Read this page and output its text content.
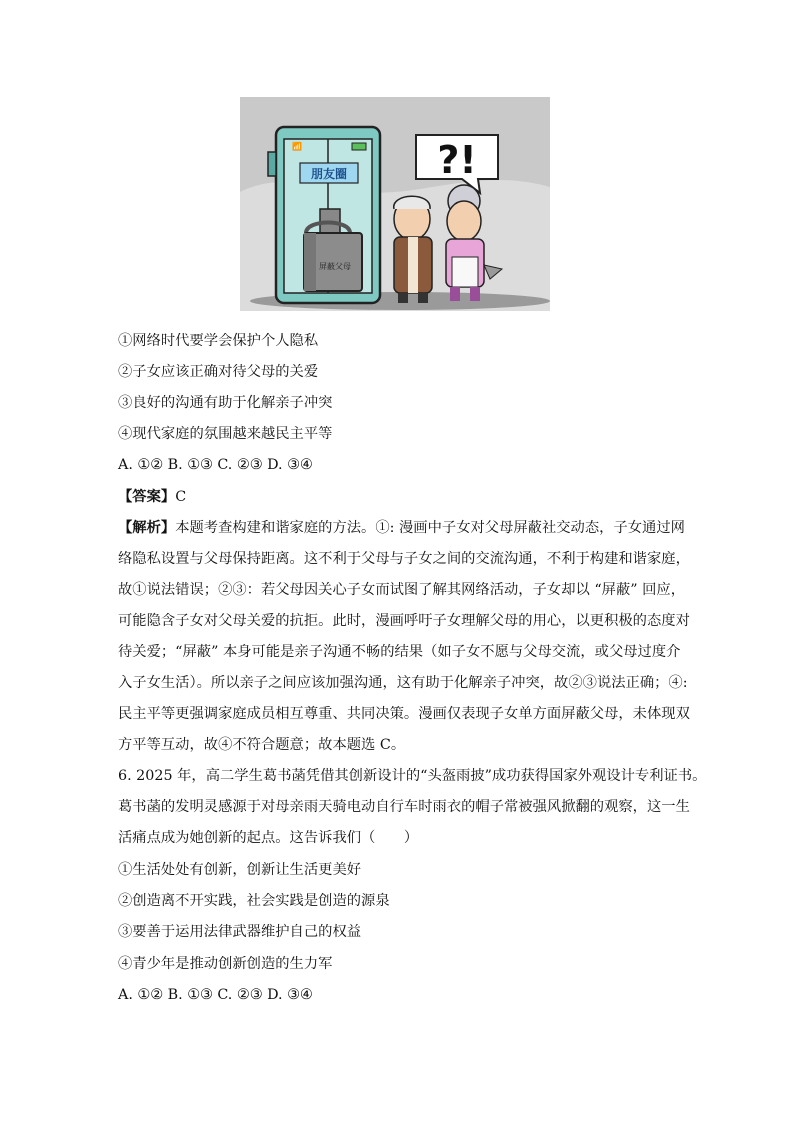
📶
朋友圈
屏蔽父母
?!
①网络时代要学会保护个人隐私
②子女应该正确对待父母的关爱
③良好的沟通有助于化解亲子冲突
④现代家庭的氛围越来越民主平等
A. ①② B. ①③ C. ②③ D. ③④
【答案】C
【解析】本题考查构建和谐家庭的方法。①: 漫画中子女对父母屏蔽社交动态，子女通过网
络隐私设置与父母保持距离。这不利于父母与子女之间的交流沟通，不利于构建和谐家庭，
故①说法错误；②③：若父母因关心子女而试图了解其网络活动，子女却以 “屏蔽” 回应，
可能隐含子女对父母关爱的抗拒。此时，漫画呼吁子女理解父母的用心，以更积极的态度对
待关爱；“屏蔽” 本身可能是亲子沟通不畅的结果（如子女不愿与父母交流，或父母过度介
入子女生活）。所以亲子之间应该加强沟通，这有助于化解亲子冲突，故②③说法正确；④:
民主平等更强调家庭成员相互尊重、共同决策。漫画仅表现子女单方面屏蔽父母，未体现双
方平等互动，故④不符合题意；故本题选 C。
6. 2025 年，高二学生葛书菡凭借其创新设计的“头盔雨披”成功获得国家外观设计专利证书。
葛书菡的发明灵感源于对母亲雨天骑电动自行车时雨衣的帽子常被强风掀翻的观察，这一生
活痛点成为她创新的起点。这告诉我们（　　）
①生活处处有创新，创新让生活更美好
②创造离不开实践，社会实践是创造的源泉
③要善于运用法律武器维护自己的权益
④青少年是推动创新创造的生力军
A. ①② B. ①③ C. ②③ D. ③④
